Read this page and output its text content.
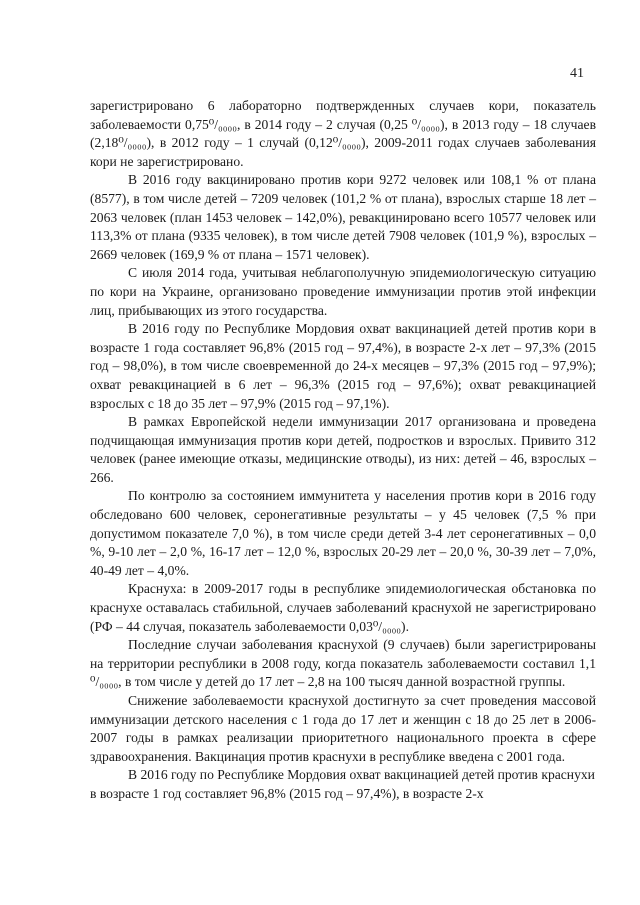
41

зарегистрировано 6 лабораторно подтвержденных случаев кори, показатель заболеваемости 0,75⁰/₀₀₀₀, в 2014 году – 2 случая (0,25 ⁰/₀₀₀₀), в 2013 году – 18 случаев (2,18⁰/₀₀₀₀), в 2012 году – 1 случай (0,12⁰/₀₀₀₀), 2009-2011 годах случаев заболевания кори не зарегистрировано.

В 2016 году вакцинировано против кори 9272 человек или 108,1 % от плана (8577), в том числе детей – 7209 человек (101,2 % от плана), взрослых старше 18 лет – 2063 человек (план 1453 человек – 142,0%), ревакцинировано всего 10577 человек или 113,3% от плана (9335 человек), в том числе детей 7908 человек (101,9 %), взрослых – 2669 человек (169,9 % от плана – 1571 человек).

С июля 2014 года, учитывая неблагополучную эпидемиологическую ситуацию по кори на Украине, организовано проведение иммунизации против этой инфекции лиц, прибывающих из этого государства.

В 2016 году по Республике Мордовия охват вакцинацией детей против кори в возрасте 1 года составляет 96,8% (2015 год – 97,4%), в возрасте 2-х лет – 97,3% (2015 год – 98,0%), в том числе своевременной до 24-х месяцев – 97,3% (2015 год – 97,9%); охват ревакцинацией в 6 лет – 96,3% (2015 год – 97,6%); охват ревакцинацией взрослых с 18 до 35 лет – 97,9% (2015 год – 97,1%).

В рамках Европейской недели иммунизации 2017 организована и проведена подчищающая иммунизация против кори детей, подростков и взрослых. Привито 312 человек (ранее имеющие отказы, медицинские отводы), из них: детей – 46, взрослых – 266.

По контролю за состоянием иммунитета у населения против кори в 2016 году обследовано 600 человек, серонегативные результаты – у 45 человек (7,5 % при допустимом показателе 7,0 %), в том числе среди детей 3-4 лет серонегативных – 0,0 %, 9-10 лет – 2,0 %, 16-17 лет – 12,0 %, взрослых 20-29 лет – 20,0 %, 30-39 лет – 7,0%, 40-49 лет – 4,0%.

Краснуха: в 2009-2017 годы в республике эпидемиологическая обстановка по краснухе оставалась стабильной, случаев заболеваний краснухой не зарегистрировано (РФ – 44 случая, показатель заболеваемости 0,03⁰/₀₀₀₀).

Последние случаи заболевания краснухой (9 случаев) были зарегистрированы на территории республики в 2008 году, когда показатель заболеваемости составил 1,1 ⁰/₀₀₀₀, в том числе у детей до 17 лет – 2,8 на 100 тысяч данной возрастной группы.

Снижение заболеваемости краснухой достигнуто за счет проведения массовой иммунизации детского населения с 1 года до 17 лет и женщин с 18 до 25 лет в 2006-2007 годы в рамках реализации приоритетного национального проекта в сфере здравоохранения. Вакцинация против краснухи в республике введена с 2001 года.

В 2016 году по Республике Мордовия охват вакцинацией детей против краснухи в возрасте 1 год составляет 96,8% (2015 год – 97,4%), в возрасте 2-х
